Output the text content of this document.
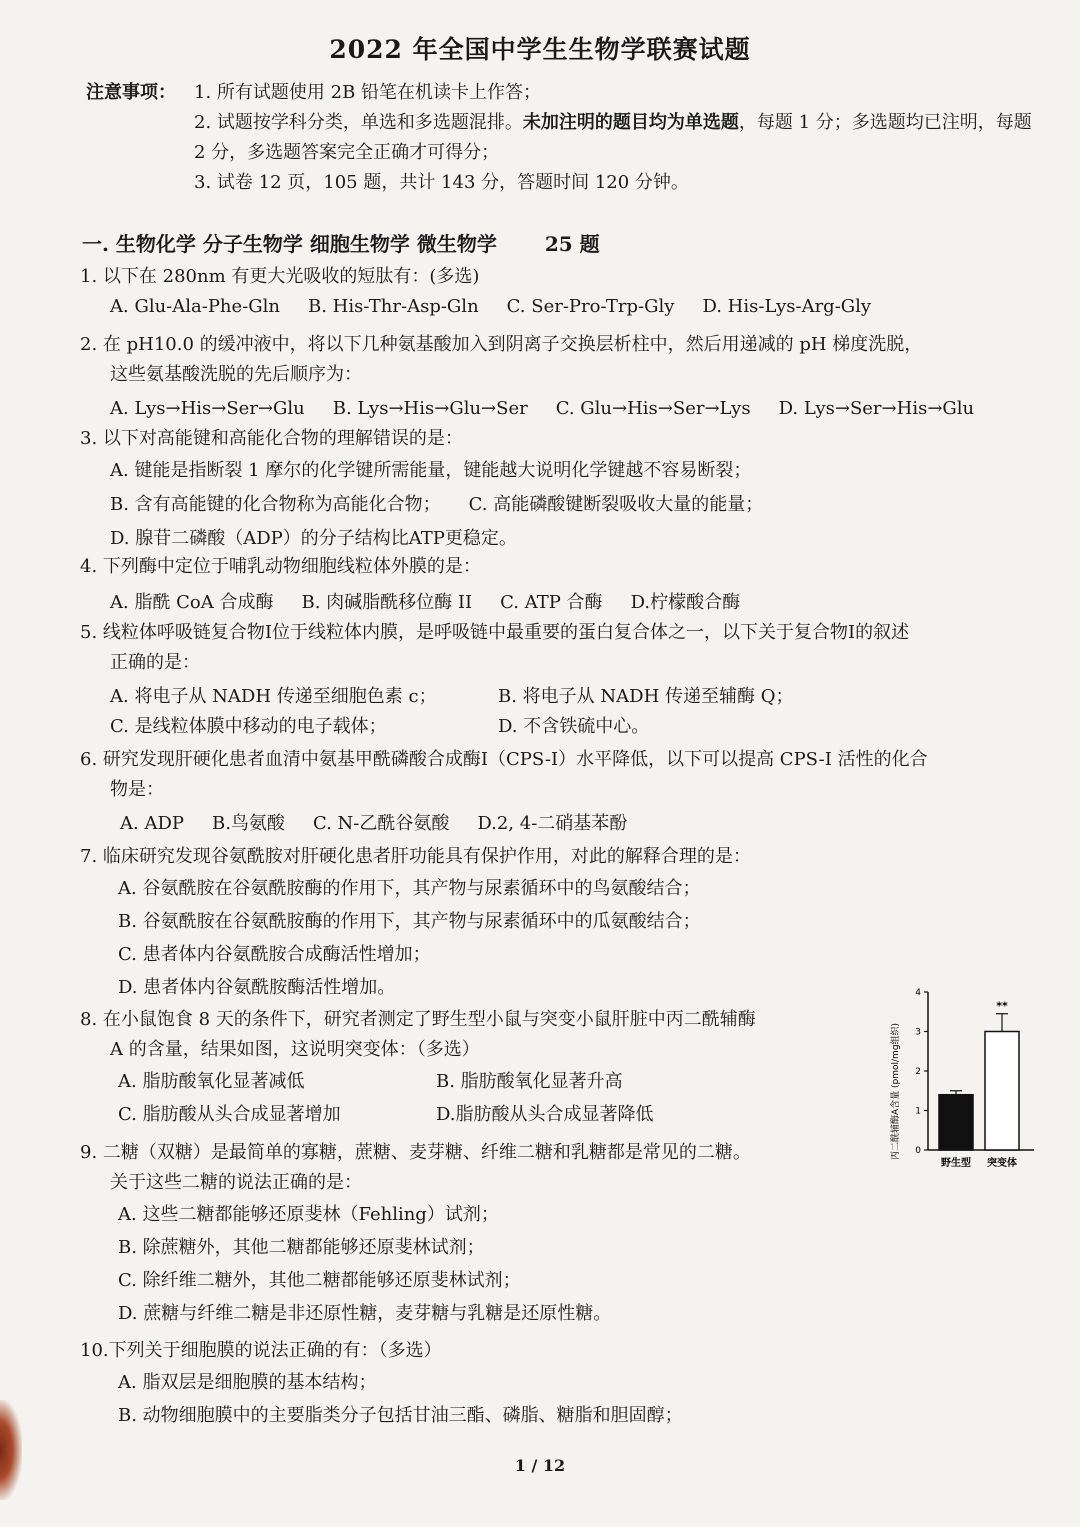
2022 年全国中学生生物学联赛试题
注意事项：	1. 所有试题使用 2B 铅笔在机读卡上作答；
2. 试题按学科分类，单选和多选题混排。未加注明的题目均为单选题，每题 1 分；多选题均已注明，每题 2 分，多选题答案完全正确才可得分；
3. 试卷 12 页，105 题，共计 143 分，答题时间 120 分钟。
一. 生物化学 分子生物学 细胞生物学 微生物学 25 题
1. 以下在 280nm 有更大光吸收的短肽有：(多选)
A. Glu-Ala-Phe-Gln B. His-Thr-Asp-Gln C. Ser-Pro-Trp-Gly D. His-Lys-Arg-Gly
2. 在 pH10.0 的缓冲液中，将以下几种氨基酸加入到阴离子交换层析柱中，然后用递减的 pH 梯度洗脱，
这些氨基酸洗脱的先后顺序为：
A. Lys→His→Ser→Glu B. Lys→His→Glu→Ser C. Glu→His→Ser→Lys D. Lys→Ser→His→Glu
3. 以下对高能键和高能化合物的理解错误的是：
A. 键能是指断裂 1 摩尔的化学键所需能量，键能越大说明化学键越不容易断裂；
B. 含有高能键的化合物称为高能化合物； C. 高能磷酸键断裂吸收大量的能量；
D. 腺苷二磷酸（ADP）的分子结构比ATP更稳定。
4. 下列酶中定位于哺乳动物细胞线粒体外膜的是：
A. 脂酰 CoA 合成酶 B. 肉碱脂酰移位酶 II C. ATP 合酶 D.柠檬酸合酶
5. 线粒体呼吸链复合物I位于线粒体内膜，是呼吸链中最重要的蛋白复合体之一，以下关于复合物I的叙述
正确的是：
A. 将电子从 NADH 传递至细胞色素 c；	B. 将电子从 NADH 传递至辅酶 Q；
C. 是线粒体膜中移动的电子载体；	D. 不含铁硫中心。
6. 研究发现肝硬化患者血清中氨基甲酰磷酸合成酶I（CPS-I）水平降低，以下可以提高 CPS-I 活性的化合
物是：
A. ADP B.鸟氨酸 C. N-乙酰谷氨酸 D.2, 4-二硝基苯酚
7. 临床研究发现谷氨酰胺对肝硬化患者肝功能具有保护作用，对此的解释合理的是：
A. 谷氨酰胺在谷氨酰胺酶的作用下，其产物与尿素循环中的鸟氨酸结合；
B. 谷氨酰胺在谷氨酰胺酶的作用下，其产物与尿素循环中的瓜氨酸结合；
C. 患者体内谷氨酰胺合成酶活性增加；
D. 患者体内谷氨酰胺酶活性增加。
8. 在小鼠饱食 8 天的条件下，研究者测定了野生型小鼠与突变小鼠肝脏中丙二酰辅酶
A 的含量，结果如图，这说明突变体：（多选）
A. 脂肪酸氧化显著减低	B. 脂肪酸氧化显著升高
C. 脂肪酸从头合成显著增加	D.脂肪酸从头合成显著降低	丙二酰辅酶A含量 (pmol/mg组织) 0
1
2
3
4
野生型 突变体
**
9. 二糖（双糖）是最简单的寡糖，蔗糖、麦芽糖、纤维二糖和乳糖都是常见的二糖。
关于这些二糖的说法正确的是：
A. 这些二糖都能够还原斐林（Fehling）试剂；
B. 除蔗糖外，其他二糖都能够还原斐林试剂；
C. 除纤维二糖外，其他二糖都能够还原斐林试剂；
D. 蔗糖与纤维二糖是非还原性糖，麦芽糖与乳糖是还原性糖。
10.下列关于细胞膜的说法正确的有：（多选）
A. 脂双层是细胞膜的基本结构；
B. 动物细胞膜中的主要脂类分子包括甘油三酯、磷脂、糖脂和胆固醇；
1 / 12
